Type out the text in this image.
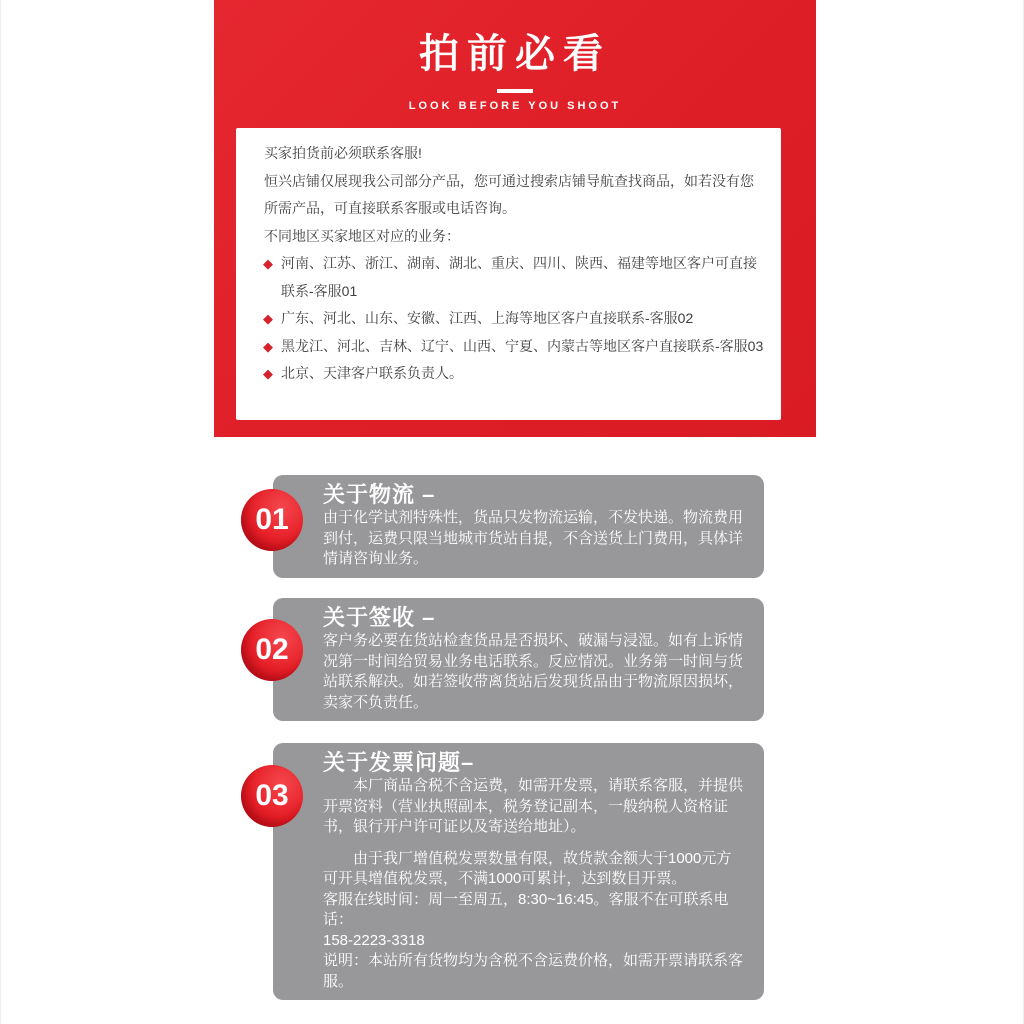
拍前必看

LOOK BEFORE YOU SHOOT

买家拍货前必须联系客服!

恒兴店铺仅展现我公司部分产品，您可通过搜索店铺导航查找商品，如若没有您所需产品，可直接联系客服或电话咨询。

不同地区买家地区对应的业务：

◆ 河南、江苏、浙江、湖南、湖北、重庆、四川、陕西、福建等地区客户可直接联系-客服01
◆ 广东、河北、山东、安徽、江西、上海等地区客户直接联系-客服02
◆ 黑龙江、河北、吉林、辽宁、山西、宁夏、内蒙古等地区客户直接联系-客服03
◆ 北京、天津客户联系负责人。
01
关于物流 –

由于化学试剂特殊性，货品只发物流运输，不发快递。物流费用到付，运费只限当地城市货站自提，不含送货上门费用，具体详情请咨询业务。

02
关于签收 –

客户务必要在货站检查货品是否损坏、破漏与浸湿。如有上诉情况第一时间给贸易业务电话联系。反应情况。业务第一时间与货站联系解决。如若签收带离货站后发现货品由于物流原因损坏，卖家不负责任。

03
关于发票问题–

本厂商品含税不含运费，如需开发票，请联系客服，并提供开票资料（营业执照副本，税务登记副本，一般纳税人资格证书，银行开户许可证以及寄送给地址）。

由于我厂增值税发票数量有限，故货款金额大于1000元方可开具增值税发票，不满1000可累计，达到数目开票。

客服在线时间：周一至周五，8:30~16:45。客服不在可联系电话：

158-2223-3318

说明：本站所有货物均为含税不含运费价格，如需开票请联系客服。
